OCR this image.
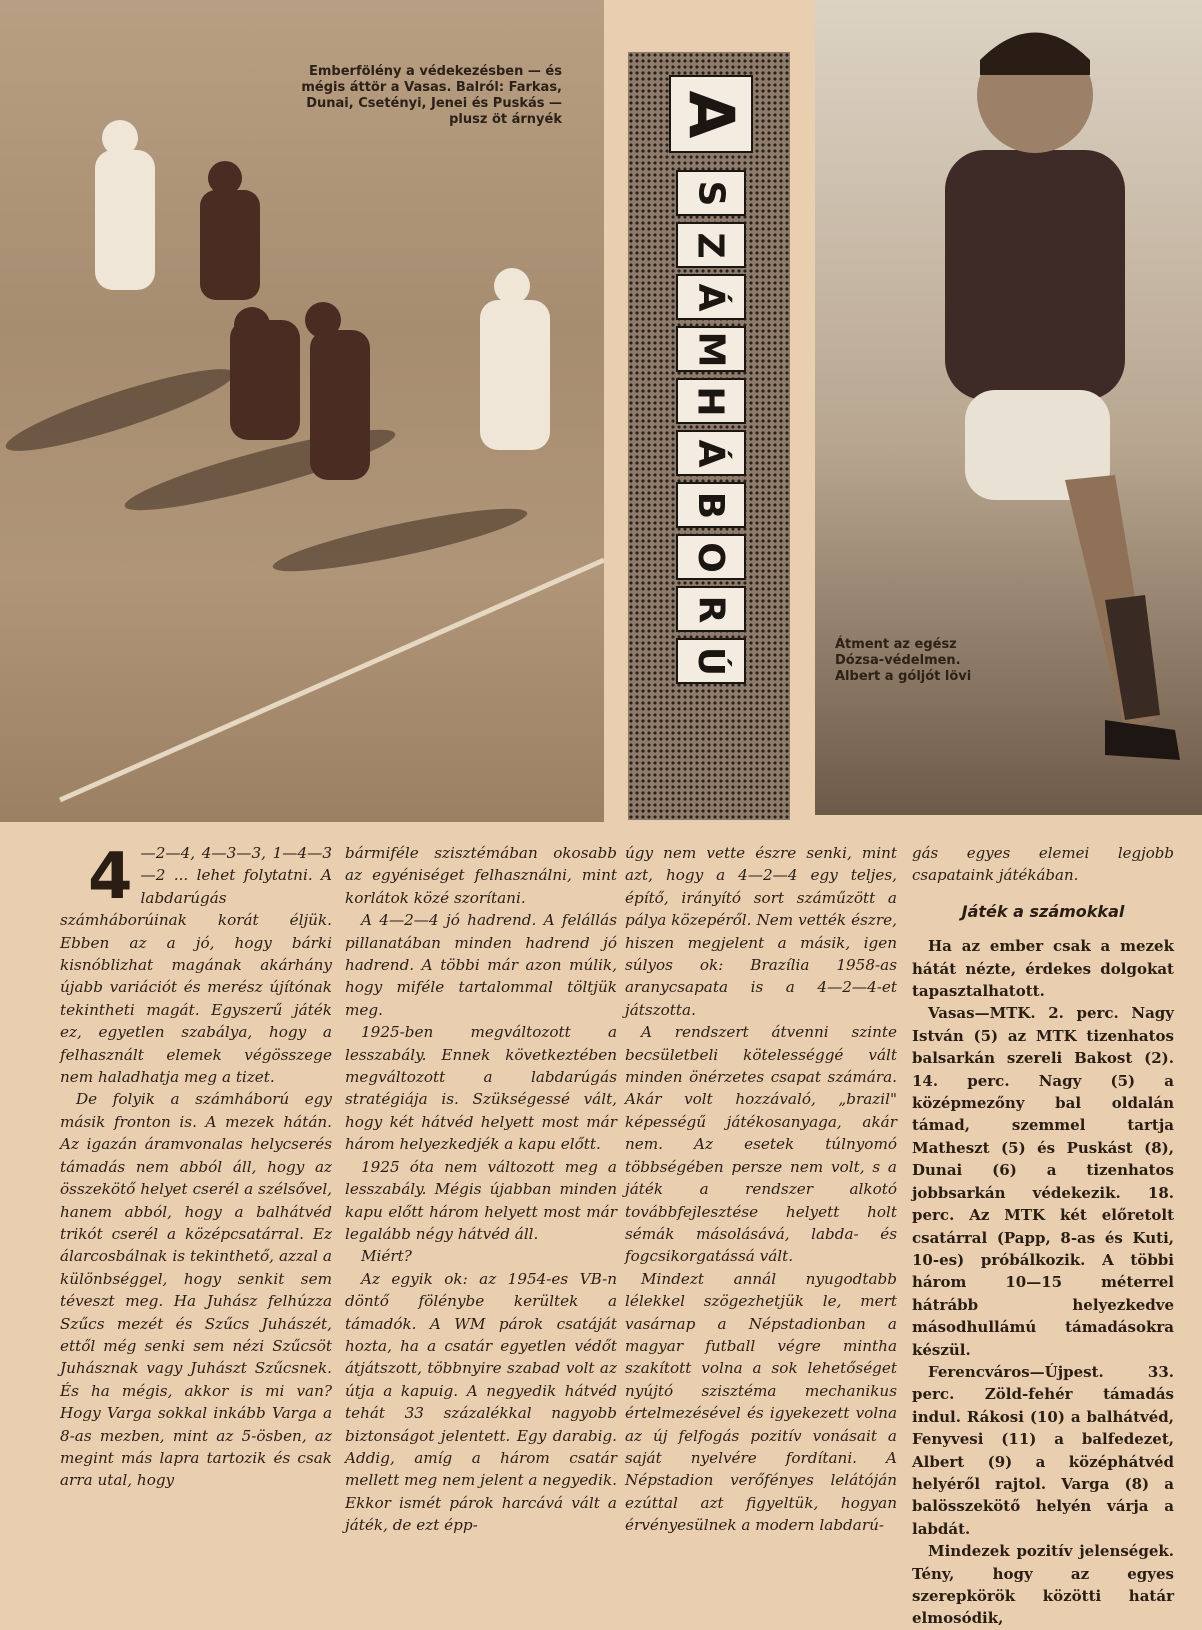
Emberfölény a védekezésben — és mégis áttör a Vasas. Balról: Farkas, Dunai, Csetényi, Jenei és Puskás — plusz öt árnyék A
S
Z
Á
M
H
Á
B
O
R
Ú
Átment az egész Dózsa-védelmen. Albert a góljót lövi
4 —2—4, 4—3—3, 1—4—3—2 ... lehet folytatni. A labdarúgás számháborúinak korát éljük. Ebben az a jó, hogy bárki kisnóblizhat magának akárhány újabb variációt és merész újítónak tekintheti magát. Egyszerű játék ez, egyetlen szabálya, hogy a felhasznált elemek végösszege nem haladhatja meg a tizet.

De folyik a számháború egy másik fronton is. A mezek hátán. Az igazán áramvonalas helycserés támadás nem abból áll, hogy az összekötő helyet cserél a szélsővel, hanem abból, hogy a balhátvéd trikót cserél a középcsatárral. Ez álarcosbálnak is tekinthető, azzal a különbséggel, hogy senkit sem téveszt meg. Ha Juhász felhúzza Szűcs mezét és Szűcs Juhászét, ettől még senki sem nézi Szűcsöt Juhásznak vagy Juhászt Szűcsnek. És ha mégis, akkor is mi van? Hogy Varga sokkal inkább Varga a 8-as mezben, mint az 5-ösben, az megint más lapra tartozik és csak arra utal, hogy

bármiféle szisztémában okosabb az egyéniséget felhasználni, mint korlátok közé szorítani.

A 4—2—4 jó hadrend. A felállás pillanatában minden hadrend jó hadrend. A többi már azon múlik, hogy miféle tartalommal töltjük meg.

1925-ben megváltozott a lesszabály. Ennek következtében megváltozott a labdarúgás stratégiája is. Szükségessé vált, hogy két hátvéd helyett most már három helyezkedjék a kapu előtt.

1925 óta nem változott meg a lesszabály. Mégis újabban minden kapu előtt három helyett most már legalább négy hátvéd áll.

Miért?

Az egyik ok: az 1954-es VB-n döntő fölénybe kerültek a támadók. A WM párok csatáját hozta, ha a csatár egyetlen védőt átjátszott, többnyire szabad volt az útja a kapuig. A negyedik hátvéd tehát 33 százalékkal nagyobb biztonságot jelentett. Egy darabig. Addig, amíg a három csatár mellett meg nem jelent a negyedik. Ekkor ismét párok harcává vált a játék, de ezt épp-

úgy nem vette észre senki, mint azt, hogy a 4—2—4 egy teljes, építő, irányító sort száműzött a pálya közepéről. Nem vették észre, hiszen megjelent a másik, igen súlyos ok: Brazília 1958-as aranycsapata is a 4—2—4-et játszotta.

A rendszert átvenni szinte becsületbeli kötelességgé vált minden önérzetes csapat számára. Akár volt hozzávaló, „brazil" képességű játékosanyaga, akár nem. Az esetek túlnyomó többségében persze nem volt, s a játék a rendszer alkotó továbbfejlesztése helyett holt sémák másolásává, labda- és fogcsikorgatássá vált.

Mindezt annál nyugodtabb lélekkel szögezhetjük le, mert vasárnap a Népstadionban a magyar futball végre mintha szakított volna a sok lehetőséget nyújtó szisztéma mechanikus értelmezésével és igyekezett volna az új felfogás pozitív vonásait a saját nyelvére fordítani. A Népstadion verőfényes lelátóján ezúttal azt figyeltük, hogyan érvényesülnek a modern labdarú-

gás egyes elemei legjobb csapataink játékában.

Játék a számokkal

Ha az ember csak a mezek hátát nézte, érdekes dolgokat tapasztalhatott.

Vasas—MTK. 2. perc. Nagy István (5) az MTK tizenhatos balsarkán szereli Bakost (2). 14. perc. Nagy (5) a középmezőny bal oldalán támad, szemmel tartja Matheszt (5) és Puskást (8), Dunai (6) a tizenhatos jobbsarkán védekezik. 18. perc. Az MTK két előretolt csatárral (Papp, 8-as és Kuti, 10-es) próbálkozik. A többi három 10—15 méterrel hátrább helyezkedve másodhullámú támadásokra készül.

Ferencváros—Újpest. 33. perc. Zöld-fehér támadás indul. Rákosi (10) a balhátvéd, Fenyvesi (11) a balfedezet, Albert (9) a középhátvéd helyéről rajtol. Varga (8) a balösszekötő helyén várja a labdát.

Mindezek pozitív jelenségek. Tény, hogy az egyes szerepkörök közötti határ elmosódik,
